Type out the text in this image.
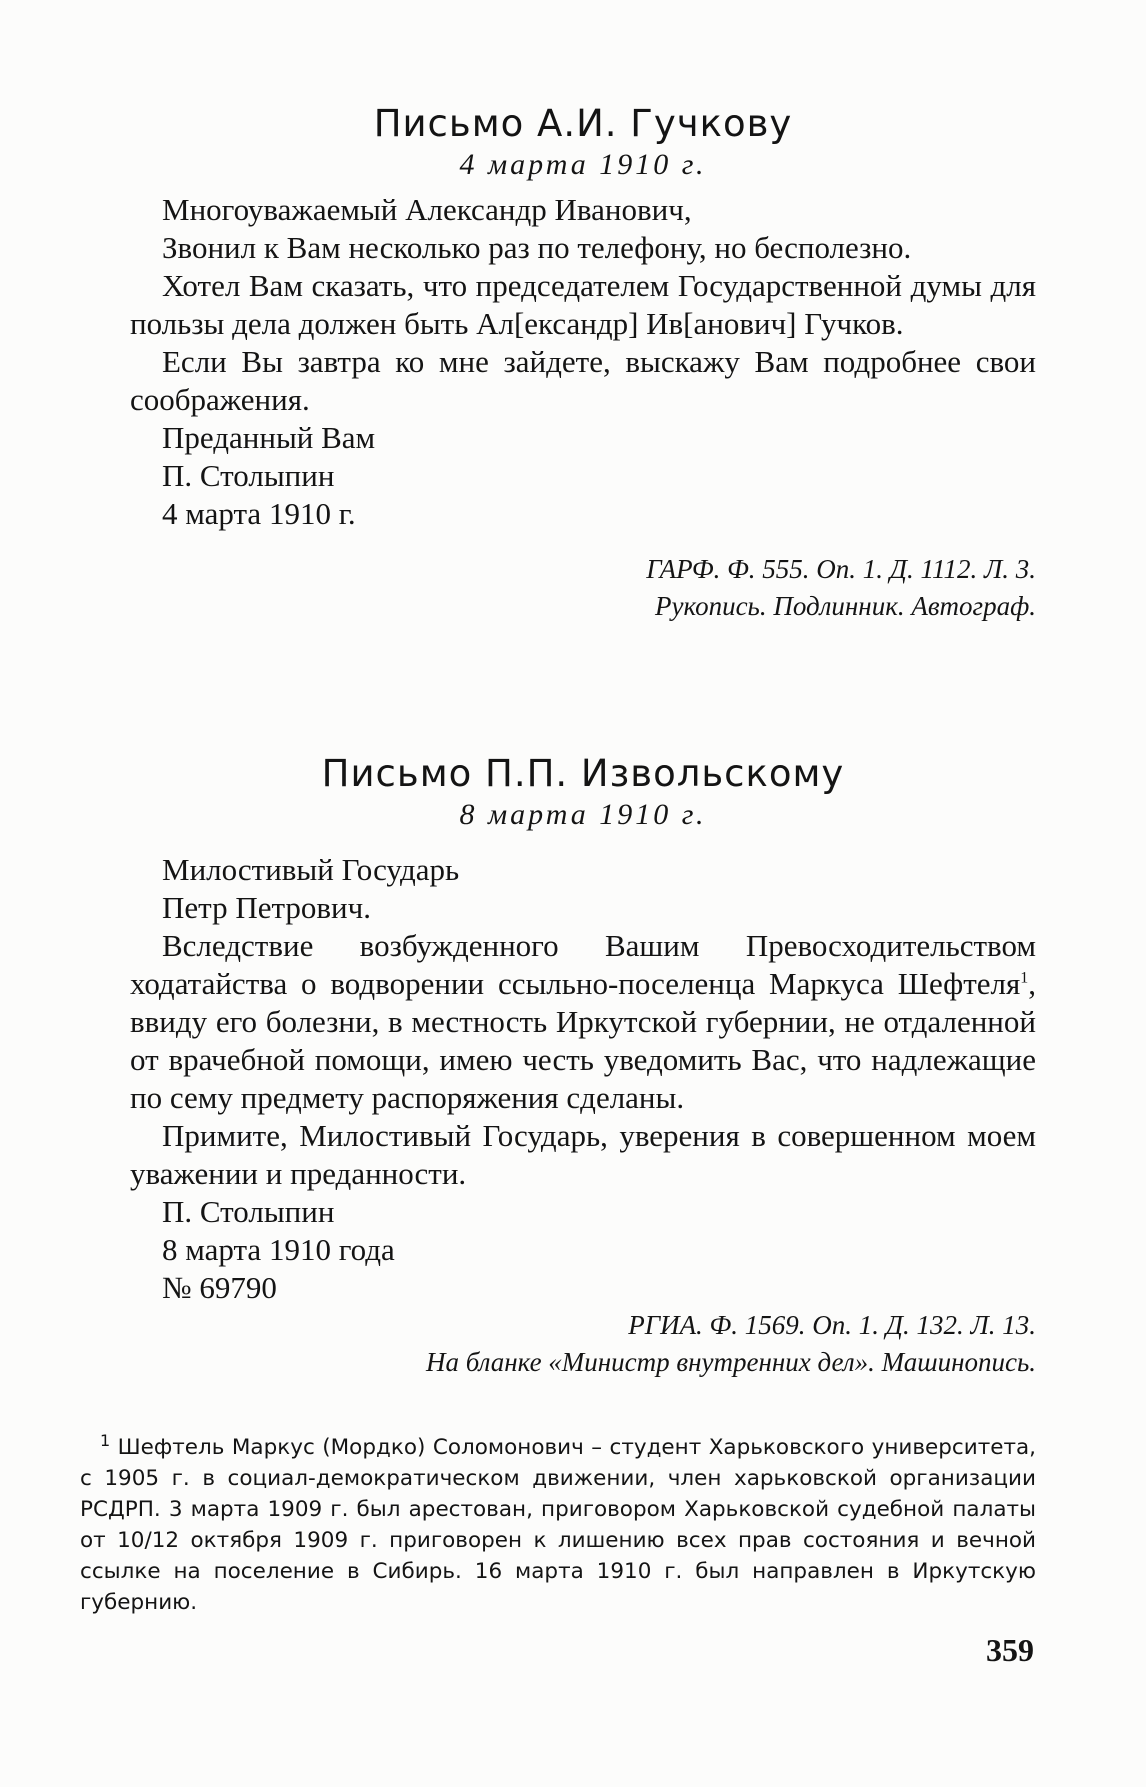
Письмо А.И. Гучкову
4 марта 1910 г.

Многоуважаемый Александр Иванович,

Звонил к Вам несколько раз по телефону, но бесполезно.

Хотел Вам сказать, что председателем Государственной думы для пользы дела должен быть Ал[ександр] Ив[анович] Гучков.

Если Вы завтра ко мне зайдете, выскажу Вам подробнее свои соображения.

Преданный Вам

П. Столыпин

4 марта 1910 г.

ГАРФ. Ф. 555. Оп. 1. Д. 1112. Л. 3.

Рукопись. Подлинник. Автограф.

Письмо П.П. Извольскому
8 марта 1910 г.

Милостивый Государь

Петр Петрович.

Вследствие возбужденного Вашим Превосходительством ходатайства о водворении ссыльно-поселенца Маркуса Шефтеля$^1$, ввиду его болезни, в местность Иркутской губернии, не отдаленной от врачебной помощи, имею честь уведомить Вас, что надлежащие по сему предмету распоряжения сделаны.

Примите, Милостивый Государь, уверения в совершенном моем уважении и преданности.

П. Столыпин

8 марта 1910 года

№ 69790

РГИА. Ф. 1569. Оп. 1. Д. 132. Л. 13.

На бланке «Министр внутренних дел». Машинопись.

$^1$ Шефтель Маркус (Мордко) Соломонович – студент Харьковского университета, с 1905 г. в социал-демократическом движении, член харьковской организации РСДРП. 3 марта 1909 г. был арестован, приговором Харьковской судебной палаты от 10/12 октября 1909 г. приговорен к лишению всех прав состояния и вечной ссылке на поселение в Сибирь. 16 марта 1910 г. был направлен в Иркутскую губернию.

359
